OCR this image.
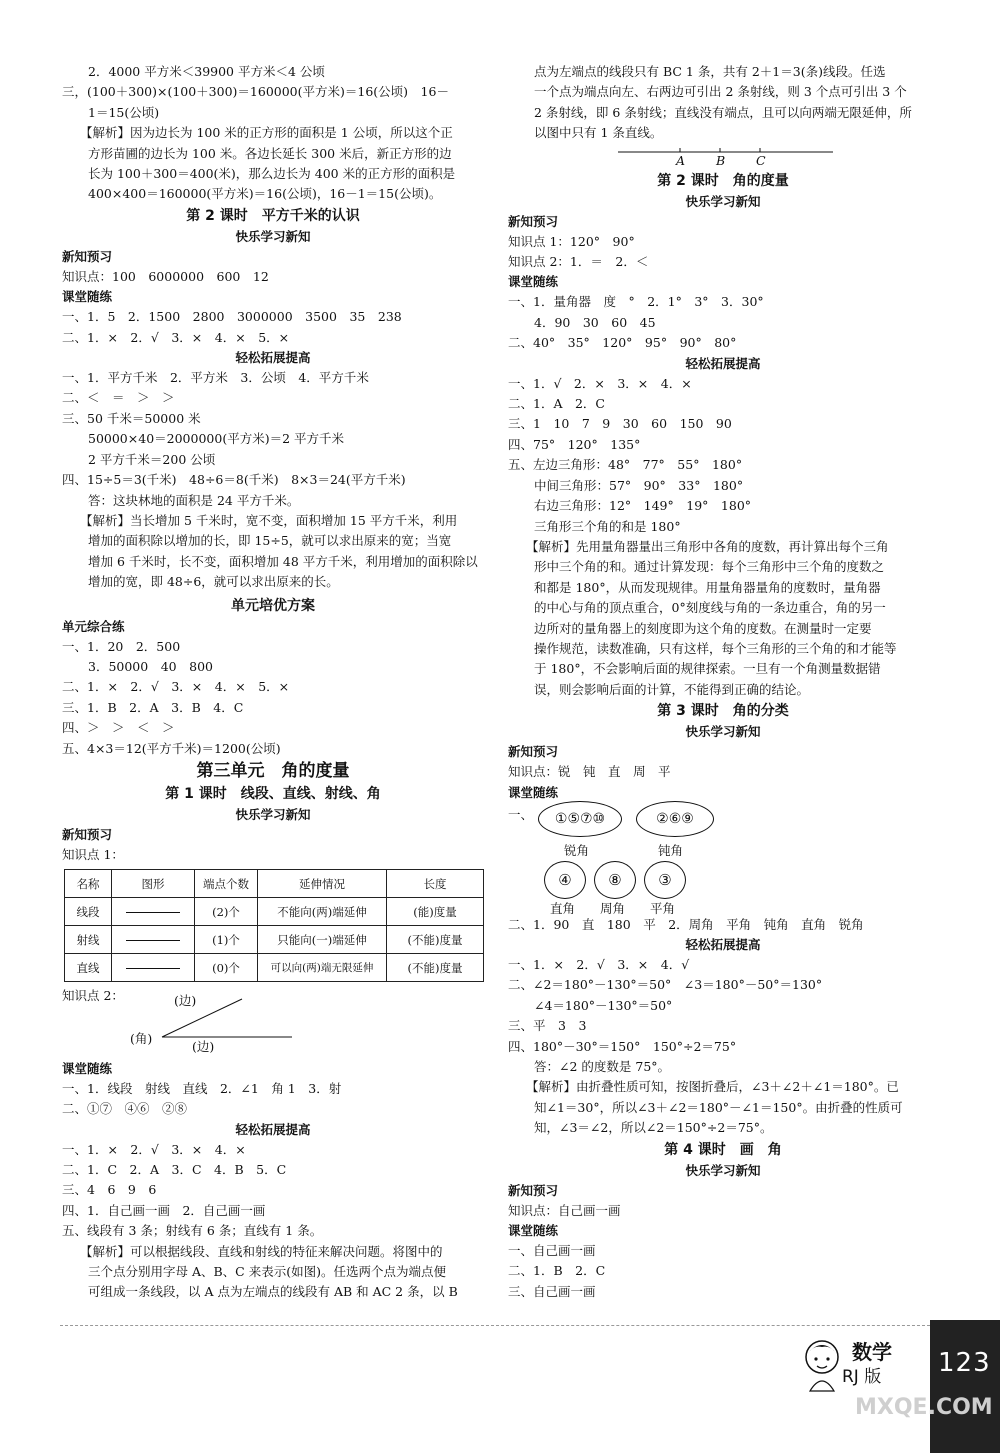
2．4000 平方米＜39900 平方米＜4 公顷
三，(100＋300)×(100＋300)＝160000(平方米)＝16(公顷)　16－
1＝15(公顷)
【解析】因为边长为 100 米的正方形的面积是 1 公顷，所以这个正
方形苗圃的边长为 100 米。各边长延长 300 米后，新正方形的边
长为 100＋300＝400(米)，那么边长为 400 米的正方形的面积是
400×400＝160000(平方米)＝16(公顷)，16－1＝15(公顷)。
第 2 课时　平方千米的认识
快乐学习新知
新知预习
知识点：100　6000000　600　12
课堂随练
一、1．5　2．1500　2800　3000000　3500　35　238
二、1．×　2．√　3．×　4．×　5．×
轻松拓展提高
一、1．平方千米　2．平方米　3．公顷　4．平方千米
二、＜　＝　＞　＞
三、50 千米＝50000 米
50000×40＝2000000(平方米)＝2 平方千米
2 平方千米＝200 公顷
四、15÷5＝3(千米)　48÷6＝8(千米)　8×3＝24(平方千米)
答：这块林地的面积是 24 平方千米。
【解析】当长增加 5 千米时，宽不变，面积增加 15 平方千米，利用
增加的面积除以增加的长，即 15÷5，就可以求出原来的宽；当宽
增加 6 千米时，长不变，面积增加 48 平方千米，利用增加的面积除以
增加的宽，即 48÷6，就可以求出原来的长。
单元培优方案
单元综合练
一、1．20　2．500
3．50000　40　800
二、1．×　2．√　3．×　4．×　5．×
三、1．B　2．A　3．B　4．C
四、＞　＞　＜　＞
五、4×3＝12(平方千米)＝1200(公顷)
第三单元　角的度量
第 1 课时　线段、直线、射线、角
快乐学习新知
新知预习
知识点 1：
名称	图形	端点个数	延伸情况	长度
线段		(2)个	不能向(两)端延伸	(能)度量
射线		(1)个	只能向(一)端延伸	(不能)度量
直线		(0)个	可以向(两)端无限延伸	(不能)度量
知识点 2：	(边)
(角)
(边)
课堂随练
一、1．线段　射线　直线　2．∠1　角 1　3．射
二、①⑦　④⑥　②⑧
轻松拓展提高
一、1．×　2．√　3．×　4．×
二、1．C　2．A　3．C　4．B　5．C
三、4　6　9　6
四、1．自己画一画　2．自己画一画
五、线段有 3 条；射线有 6 条；直线有 1 条。
【解析】可以根据线段、直线和射线的特征来解决问题。将图中的
三个点分别用字母 A、B、C 来表示(如图)。任选两个点为端点便
可组成一条线段，以 A 点为左端点的线段有 AB 和 AC 2 条，以 B
点为左端点的线段只有 BC 1 条，共有 2＋1＝3(条)线段。任选
一个点为端点向左、右两边可引出 2 条射线，则 3 个点可引出 3 个
2 条射线，即 6 条射线；直线没有端点，且可以向两端无限延伸，所
以图中只有 1 条直线。
A B C
第 2 课时　角的度量
快乐学习新知
新知预习
知识点 1：120°　90°
知识点 2：1．＝　2．＜
课堂随练
一、1．量角器　度　°　2．1°　3°　3．30°
4．90　30　60　45
二、40°　35°　120°　95°　90°　80°
轻松拓展提高
一、1．√　2．×　3．×　4．×
二、1．A　2．C
三、1　10　7　9　30　60　150　90
四、75°　120°　135°
五、左边三角形：48°　77°　55°　180°
中间三角形：57°　90°　33°　180°
右边三角形：12°　149°　19°　180°
三角形三个角的和是 180°
【解析】先用量角器量出三角形中各角的度数，再计算出每个三角
形中三个角的和。通过计算发现：每个三角形中三个角的度数之
和都是 180°，从而发现规律。用量角器量角的度数时，量角器
的中心与角的顶点重合，0°刻度线与角的一条边重合，角的另一
边所对的量角器上的刻度即为这个角的度数。在测量时一定要
操作规范，读数准确，只有这样，每个三角形的三个角的和才能等
于 180°，不会影响后面的规律探索。一旦有一个角测量数据错
误，则会影响后面的计算，不能得到正确的结论。
第 3 课时　角的分类
快乐学习新知
新知预习
知识点：锐　钝　直　周　平
课堂随练
一、	①⑤⑦⑩
锐角
②⑥⑨
钝角
④
直角
⑧
周角
③
平角
二、1．90　直　180　平　2．周角　平角　钝角　直角　锐角
轻松拓展提高
一、1．×　2．√　3．×　4．√
二、∠2＝180°－130°＝50°　∠3＝180°－50°＝130°
∠4＝180°－130°＝50°
三、平　3　3
四、180°－30°＝150°　150°÷2＝75°
答：∠2 的度数是 75°。
【解析】由折叠性质可知，按图折叠后，∠3＋∠2＋∠1＝180°。已
知∠1＝30°，所以∠3＋∠2＝180°－∠1＝150°。由折叠的性质可
知，∠3＝∠2，所以∠2＝150°÷2＝75°。
第 4 课时　画　角
快乐学习新知
新知预习
知识点：自己画一画
课堂随练
一、自己画一画
二、1．B　2．C
三、自己画一画
数学
RJ 版 123
MXQE.COM
